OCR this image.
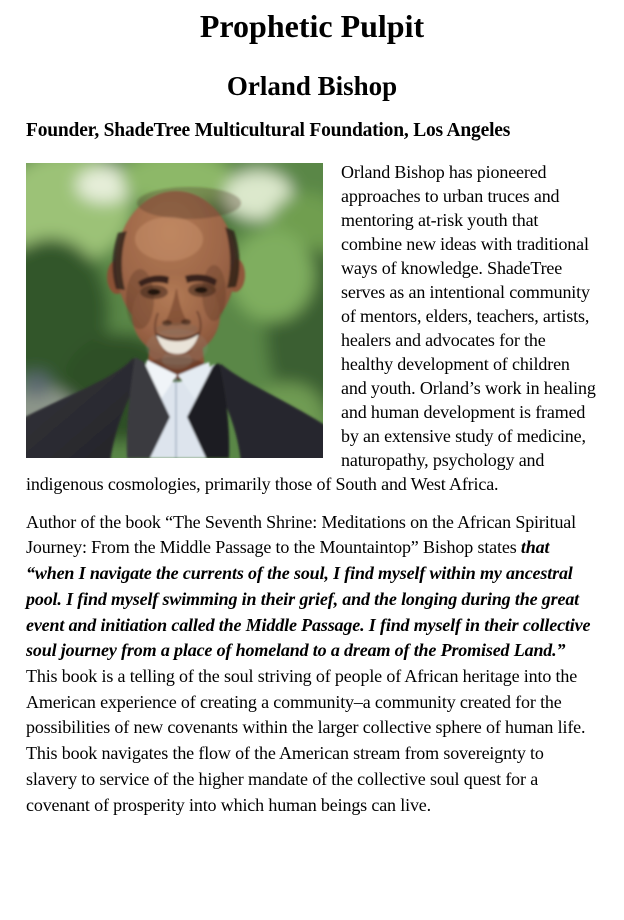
Prophetic Pulpit
Orland Bishop

Founder, ShadeTree Multicultural Foundation, Los Angeles

Orland Bishop has pioneered approaches to urban truces and mentoring at-risk youth that combine new ideas with traditional ways of knowledge. ShadeTree serves as an intentional community of mentors, elders, teachers, artists, healers and advocates for the healthy development of children and youth. Orland’s work in healing and human development is framed by an extensive study of medicine, naturopathy, psychology and indigenous cosmologies, primarily those of South and West Africa.

Author of the book “The Seventh Shrine: Meditations on the African Spiritual Journey: From the Middle Passage to the Mountaintop” Bishop states that “when I navigate the currents of the soul, I find myself within my ancestral pool. I find myself swimming in their grief, and the longing during the great event and initiation called the Middle Passage. I find myself in their collective soul journey from a place of homeland to a dream of the Promised Land.” This book is a telling of the soul striving of people of African heritage into the American experience of creating a community–a community created for the possibilities of new covenants within the larger collective sphere of human life.  This book navigates the flow of the American stream from sovereignty to slavery to service of the higher mandate of the collective soul quest for a covenant of prosperity into which human beings can live.
